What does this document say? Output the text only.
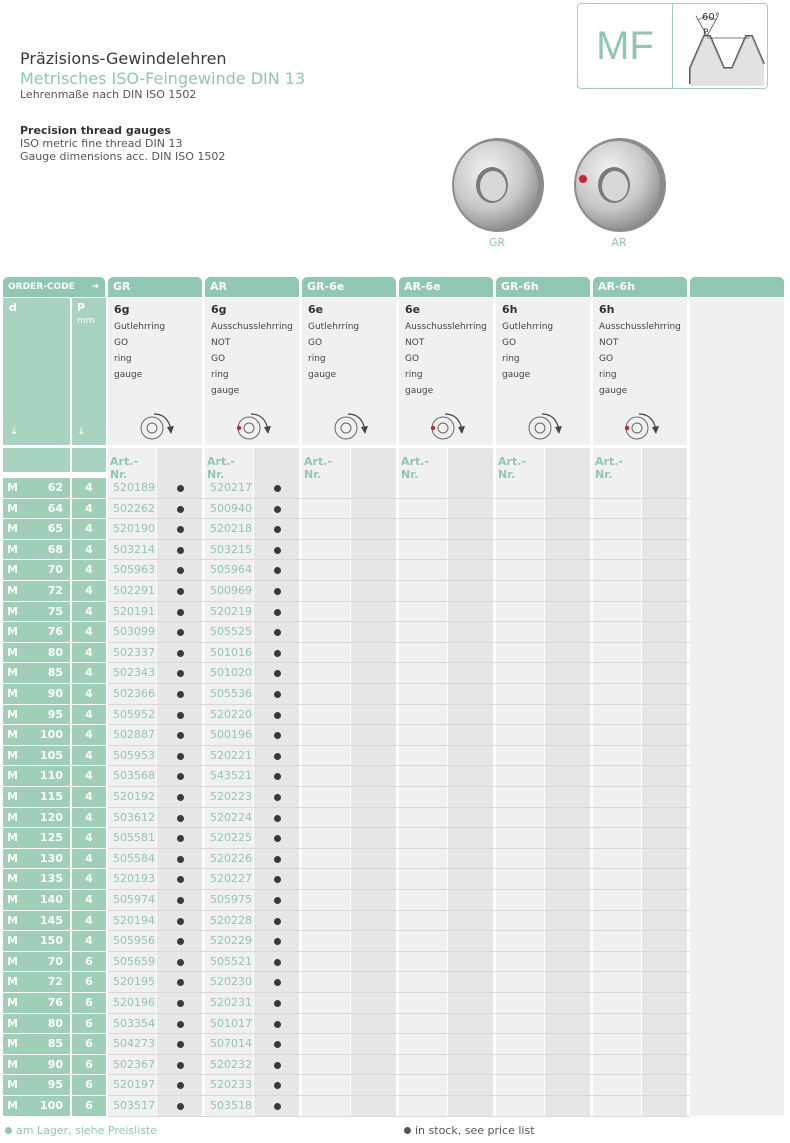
Präzisions-Gewindelehren
Metrisches ISO-Feingewinde DIN 13
Lehrenmaße nach DIN ISO 1502
Precision thread gauges
ISO metric fine thread DIN 13
Gauge dimensions acc. DIN ISO 1502
MF
60°
P
GR	AR
ORDER-CODE ➜
d
↓
P
mm
↓
GR
6g
Gutlehrring
GO ring gauge
Art.-Nr.
AR
6g
Ausschusslehrring
NOT GO ring gauge
Art.-Nr.
GR-6e
6e
Gutlehrring
GO ring gauge
Art.-Nr.
AR-6e
6e
Ausschusslehrring
NOT GO ring gauge
Art.-Nr.
GR-6h
6h
Gutlehrring
GO ring gauge
Art.-Nr.
AR-6h
6h
Ausschusslehrring
NOT GO ring gauge
Art.-Nr.
M	62	4	520189	520217
M	64	4	502262	500940
M	65	4	520190	520218
M	68	4	503214	503215
M	70	4	505963	505964
M	72	4	502291	500969
M	75	4	520191	520219
M	76	4	503099	505525
M	80	4	502337	501016
M	85	4	502343	501020
M	90	4	502366	505536
M	95	4	505952	520220
M 100	4	502887	500196
M 105	4	505953	520221
M 110	4	503568	543521
M 115	4	520192	520223
M 120	4	503612	520224
M 125	4	505581	520225
M 130	4	505584	520226
M 135	4	520193	520227
M 140	4	505974	505975
M 145	4	520194	520228
M 150	4	505956	520229
M	70	6	505659	505521
M	72	6	520195	520230
M	76	6	520196	520231
M	80	6	503354	501017
M	85	6	504273	507014
M	90	6	502367	520232
M	95	6	520197	520233
M 100	6	503517	503518
am Lager, siehe Preisliste	in stock, see price list
